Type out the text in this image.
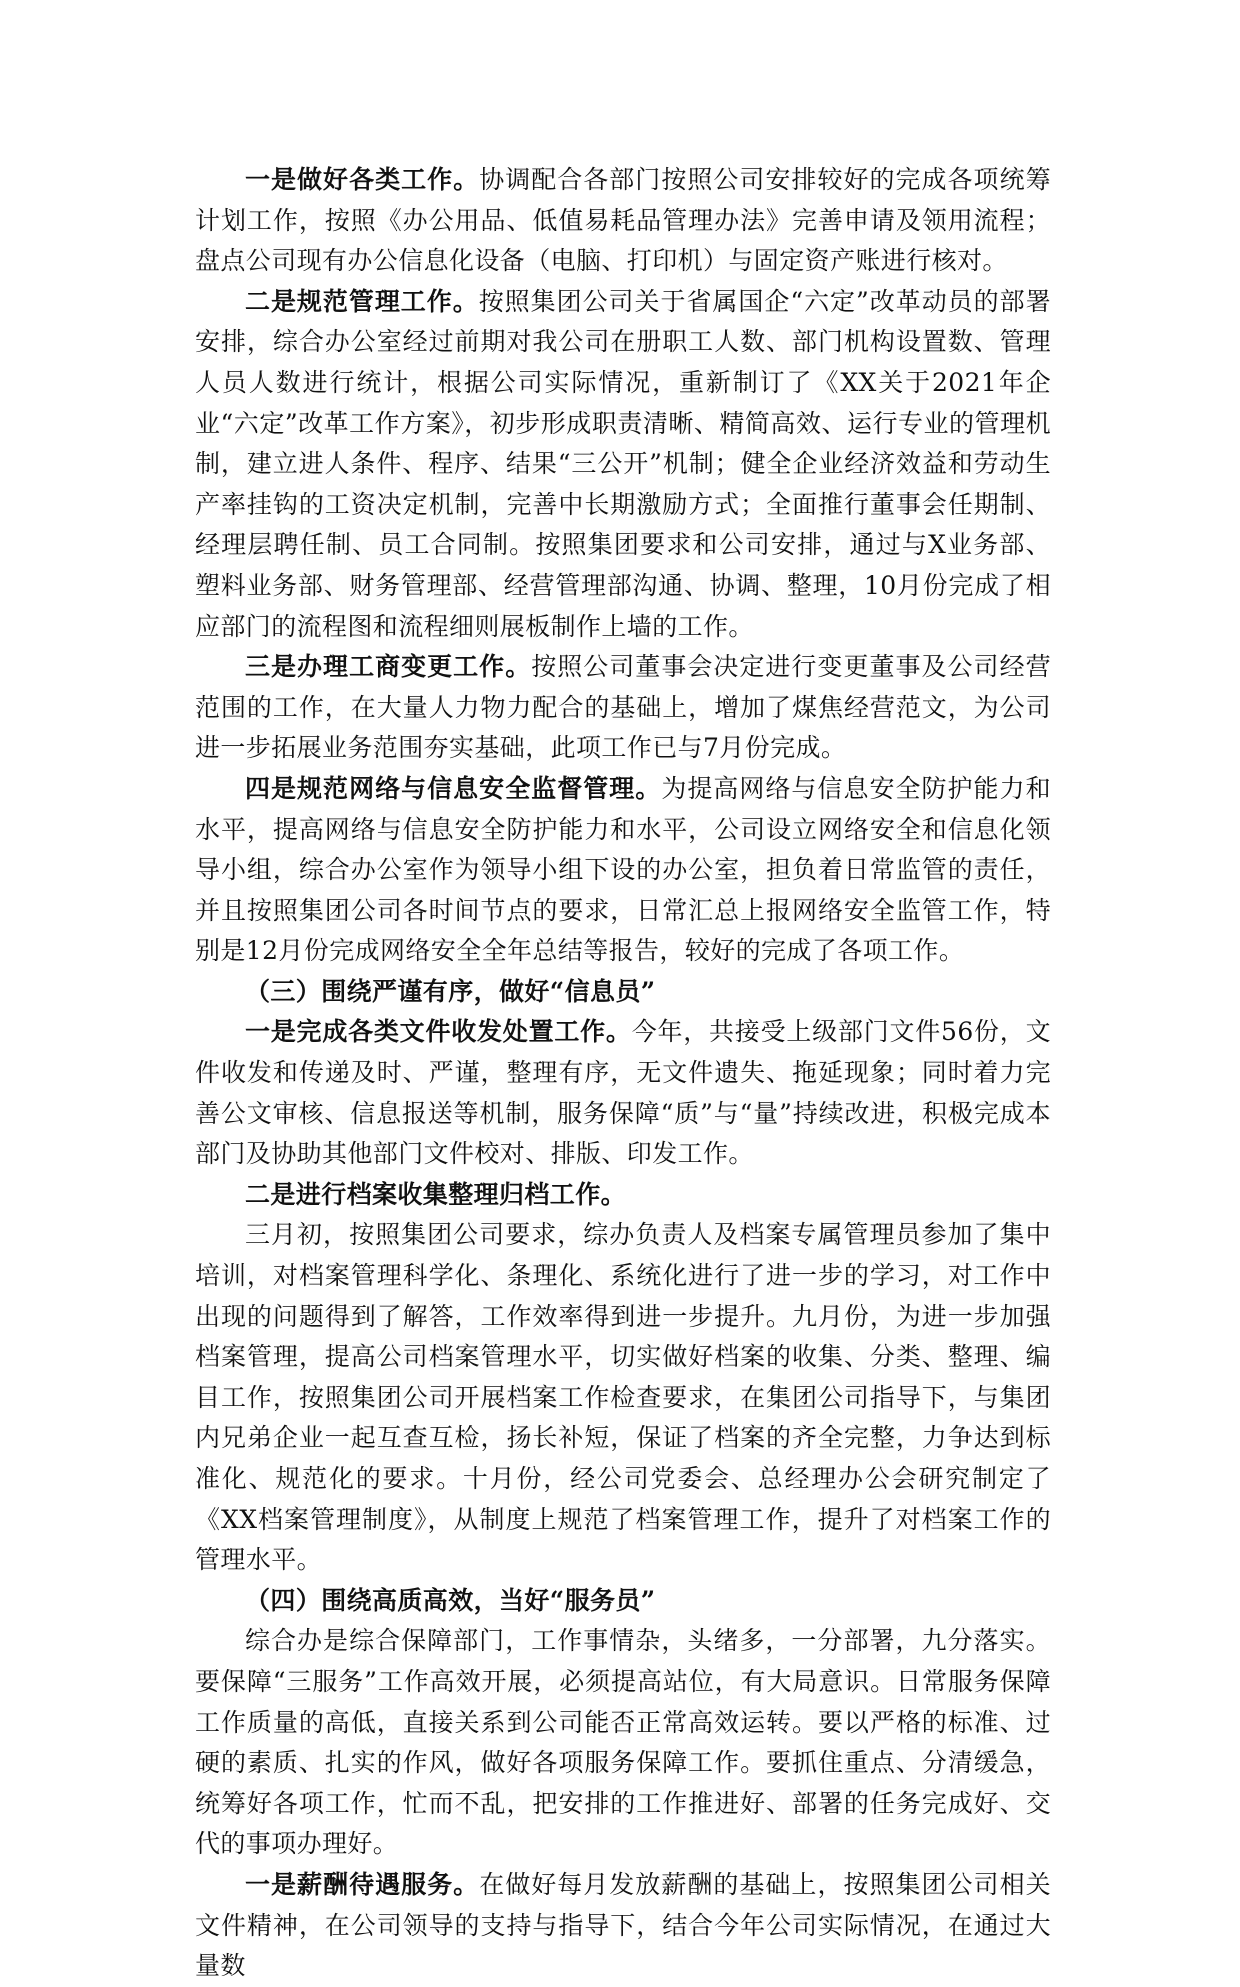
一是做好各类工作。协调配合各部门按照公司安排较好的完成各项统筹计划工作，按照《办公用品、低值易耗品管理办法》完善申请及领用流程；盘点公司现有办公信息化设备（电脑、打印机）与固定资产账进行核对。

二是规范管理工作。按照集团公司关于省属国企“六定”改革动员的部署安排，综合办公室经过前期对我公司在册职工人数、部门机构设置数、管理人员人数进行统计，根据公司实际情况，重新制订了《XX关于2021年企业“六定”改革工作方案》，初步形成职责清晰、精简高效、运行专业的管理机制，建立进人条件、程序、结果“三公开”机制；健全企业经济效益和劳动生产率挂钩的工资决定机制，完善中长期激励方式；全面推行董事会任期制、经理层聘任制、员工合同制。按照集团要求和公司安排，通过与X业务部、塑料业务部、财务管理部、经营管理部沟通、协调、整理，10月份完成了相应部门的流程图和流程细则展板制作上墙的工作。

三是办理工商变更工作。按照公司董事会决定进行变更董事及公司经营范围的工作，在大量人力物力配合的基础上，增加了煤焦经营范文，为公司进一步拓展业务范围夯实基础，此项工作已与7月份完成。

四是规范网络与信息安全监督管理。为提高网络与信息安全防护能力和水平，提高网络与信息安全防护能力和水平，公司设立网络安全和信息化领导小组，综合办公室作为领导小组下设的办公室，担负着日常监管的责任，并且按照集团公司各时间节点的要求，日常汇总上报网络安全监管工作，特别是12月份完成网络安全全年总结等报告，较好的完成了各项工作。

（三）围绕严谨有序，做好“信息员”

一是完成各类文件收发处置工作。今年，共接受上级部门文件56份，文件收发和传递及时、严谨，整理有序，无文件遗失、拖延现象；同时着力完善公文审核、信息报送等机制，服务保障“质”与“量”持续改进，积极完成本部门及协助其他部门文件校对、排版、印发工作。

二是进行档案收集整理归档工作。

三月初，按照集团公司要求，综办负责人及档案专属管理员参加了集中培训，对档案管理科学化、条理化、系统化进行了进一步的学习，对工作中出现的问题得到了解答，工作效率得到进一步提升。九月份，为进一步加强档案管理，提高公司档案管理水平，切实做好档案的收集、分类、整理、编目工作，按照集团公司开展档案工作检查要求，在集团公司指导下，与集团内兄弟企业一起互查互检，扬长补短，保证了档案的齐全完整，力争达到标准化、规范化的要求。十月份，经公司党委会、总经理办公会研究制定了《XX档案管理制度》，从制度上规范了档案管理工作，提升了对档案工作的管理水平。

（四）围绕高质高效，当好“服务员”

综合办是综合保障部门，工作事情杂，头绪多，一分部署，九分落实。要保障“三服务”工作高效开展，必须提高站位，有大局意识。日常服务保障工作质量的高低，直接关系到公司能否正常高效运转。要以严格的标准、过硬的素质、扎实的作风，做好各项服务保障工作。要抓住重点、分清缓急，统筹好各项工作，忙而不乱，把安排的工作推进好、部署的任务完成好、交代的事项办理好。

一是薪酬待遇服务。在做好每月发放薪酬的基础上，按照集团公司相关文件精神，在公司领导的支持与指导下，结合今年公司实际情况，在通过大量数
